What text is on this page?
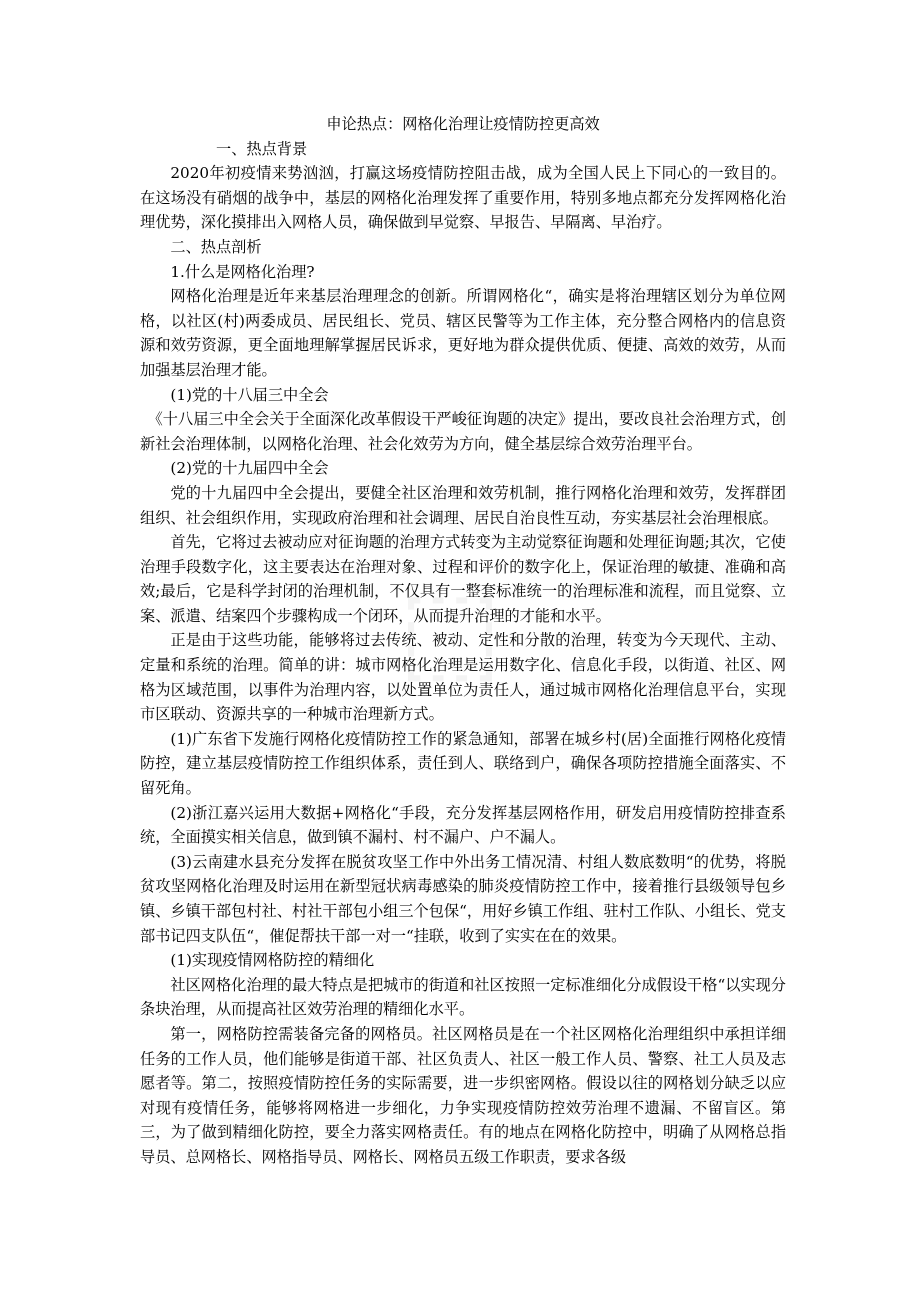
申论热点：网格化治理让疫情防控更高效

一、热点背景

2020年初疫情来势汹汹，打赢这场疫情防控阻击战，成为全国人民上下同心的一致目的。在这场没有硝烟的战争中，基层的网格化治理发挥了重要作用，特别多地点都充分发挥网格化治理优势，深化摸排出入网格人员，确保做到早觉察、早报告、早隔离、早治疗。

二、热点剖析

1.什么是网格化治理?

网格化治理是近年来基层治理理念的创新。所谓网格化“，确实是将治理辖区划分为单位网格，以社区(村)两委成员、居民组长、党员、辖区民警等为工作主体，充分整合网格内的信息资源和效劳资源，更全面地理解掌握居民诉求，更好地为群众提供优质、便捷、高效的效劳，从而加强基层治理才能。

(1)党的十八届三中全会

《十八届三中全会关于全面深化改革假设干严峻征询题的决定》提出，要改良社会治理方式，创新社会治理体制，以网格化治理、社会化效劳为方向，健全基层综合效劳治理平台。

(2)党的十九届四中全会

党的十九届四中全会提出，要健全社区治理和效劳机制，推行网格化治理和效劳，发挥群团组织、社会组织作用，实现政府治理和社会调理、居民自治良性互动，夯实基层社会治理根底。

首先，它将过去被动应对征询题的治理方式转变为主动觉察征询题和处理征询题;其次，它使治理手段数字化，这主要表达在治理对象、过程和评价的数字化上，保证治理的敏捷、准确和高效;最后，它是科学封闭的治理机制，不仅具有一整套标准统一的治理标准和流程，而且觉察、立案、派遣、结案四个步骤构成一个闭环，从而提升治理的才能和水平。

正是由于这些功能，能够将过去传统、被动、定性和分散的治理，转变为今天现代、主动、定量和系统的治理。简单的讲：城市网格化治理是运用数字化、信息化手段，以街道、社区、网格为区域范围，以事件为治理内容，以处置单位为责任人，通过城市网格化治理信息平台，实现市区联动、资源共享的一种城市治理新方式。

(1)广东省下发施行网格化疫情防控工作的紧急通知，部署在城乡村(居)全面推行网格化疫情防控，建立基层疫情防控工作组织体系，责任到人、联络到户，确保各项防控措施全面落实、不留死角。

(2)浙江嘉兴运用大数据+网格化“手段，充分发挥基层网格作用，研发启用疫情防控排查系统，全面摸实相关信息，做到镇不漏村、村不漏户、户不漏人。

(3)云南建水县充分发挥在脱贫攻坚工作中外出务工情况清、村组人数底数明“的优势，将脱贫攻坚网格化治理及时运用在新型冠状病毒感染的肺炎疫情防控工作中，接着推行县级领导包乡镇、乡镇干部包村社、村社干部包小组三个包保“，用好乡镇工作组、驻村工作队、小组长、党支部书记四支队伍“，催促帮扶干部一对一“挂联，收到了实实在在的效果。

(1)实现疫情网格防控的精细化

社区网格化治理的最大特点是把城市的街道和社区按照一定标准细化分成假设干格“以实现分条块治理，从而提高社区效劳治理的精细化水平。

第一，网格防控需装备完备的网格员。社区网格员是在一个社区网格化治理组织中承担详细任务的工作人员，他们能够是街道干部、社区负责人、社区一般工作人员、警察、社工人员及志愿者等。第二，按照疫情防控任务的实际需要，进一步织密网格。假设以往的网格划分缺乏以应对现有疫情任务，能够将网格进一步细化，力争实现疫情防控效劳治理不遗漏、不留盲区。第三，为了做到精细化防控，要全力落实网格责任。有的地点在网格化防控中，明确了从网格总指导员、总网格长、网格指导员、网格长、网格员五级工作职责，要求各级
